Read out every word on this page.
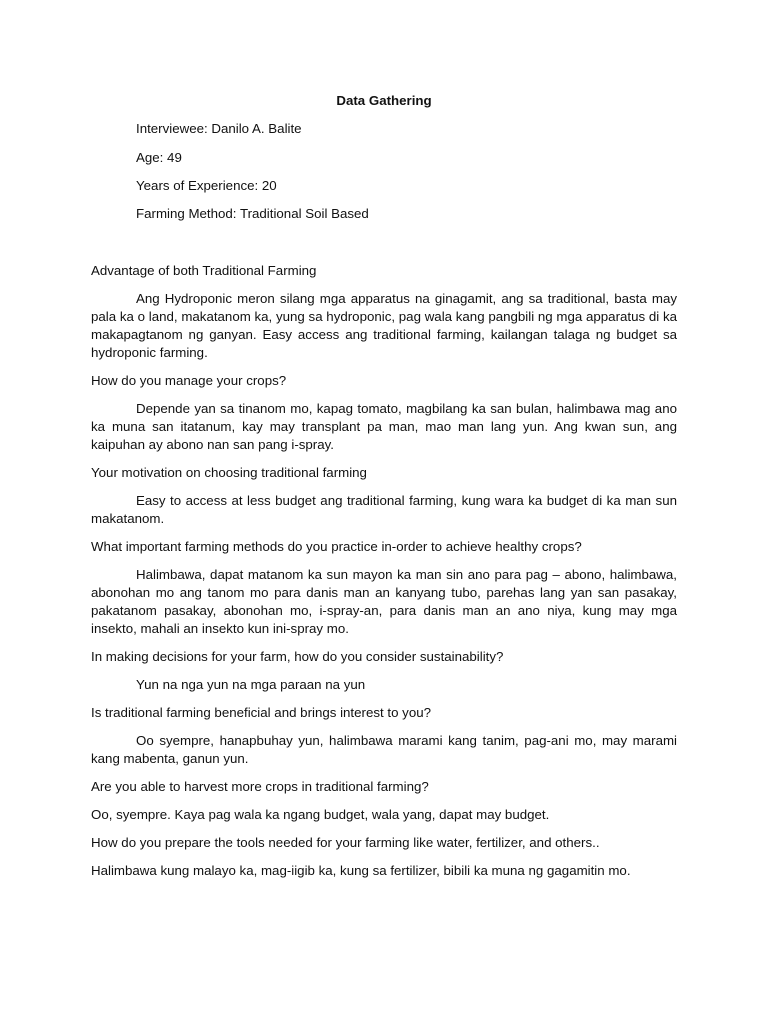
Data Gathering
Interviewee: Danilo A. Balite
Age: 49
Years of Experience: 20
Farming Method: Traditional Soil Based

Advantage of both Traditional Farming

Ang Hydroponic meron silang mga apparatus na ginagamit, ang sa traditional, basta may pala ka o land, makatanom ka, yung sa hydroponic, pag wala kang pangbili ng mga apparatus di ka makapagtanom ng ganyan. Easy access ang traditional farming, kailangan talaga ng budget sa hydroponic farming.

How do you manage your crops?

Depende yan sa tinanom mo, kapag tomato, magbilang ka san bulan, halimbawa mag ano ka muna san itatanum, kay may transplant pa man, mao man lang yun. Ang kwan sun, ang kaipuhan ay abono nan san pang i-spray.

Your motivation on choosing traditional farming

Easy to access at less budget ang traditional farming, kung wara ka budget di ka man sun makatanom.

What important farming methods do you practice in-order to achieve healthy crops?

Halimbawa, dapat matanom ka sun mayon ka man sin ano para pag – abono, halimbawa, abonohan mo ang tanom mo para danis man an kanyang tubo, parehas lang yan san pasakay, pakatanom pasakay, abonohan mo, i-spray-an, para danis man an ano niya, kung may mga insekto, mahali an insekto kun ini-spray mo.

In making decisions for your farm, how do you consider sustainability?

Yun na nga yun na mga paraan na yun

Is traditional farming beneficial and brings interest to you?

Oo syempre, hanapbuhay yun, halimbawa marami kang tanim, pag-ani mo, may marami kang mabenta, ganun yun.

Are you able to harvest more crops in traditional farming?

Oo, syempre. Kaya pag wala ka ngang budget, wala yang, dapat may budget.

How do you prepare the tools needed for your farming like water, fertilizer, and others..

Halimbawa kung malayo ka, mag-iigib ka, kung sa fertilizer, bibili ka muna ng gagamitin mo.
